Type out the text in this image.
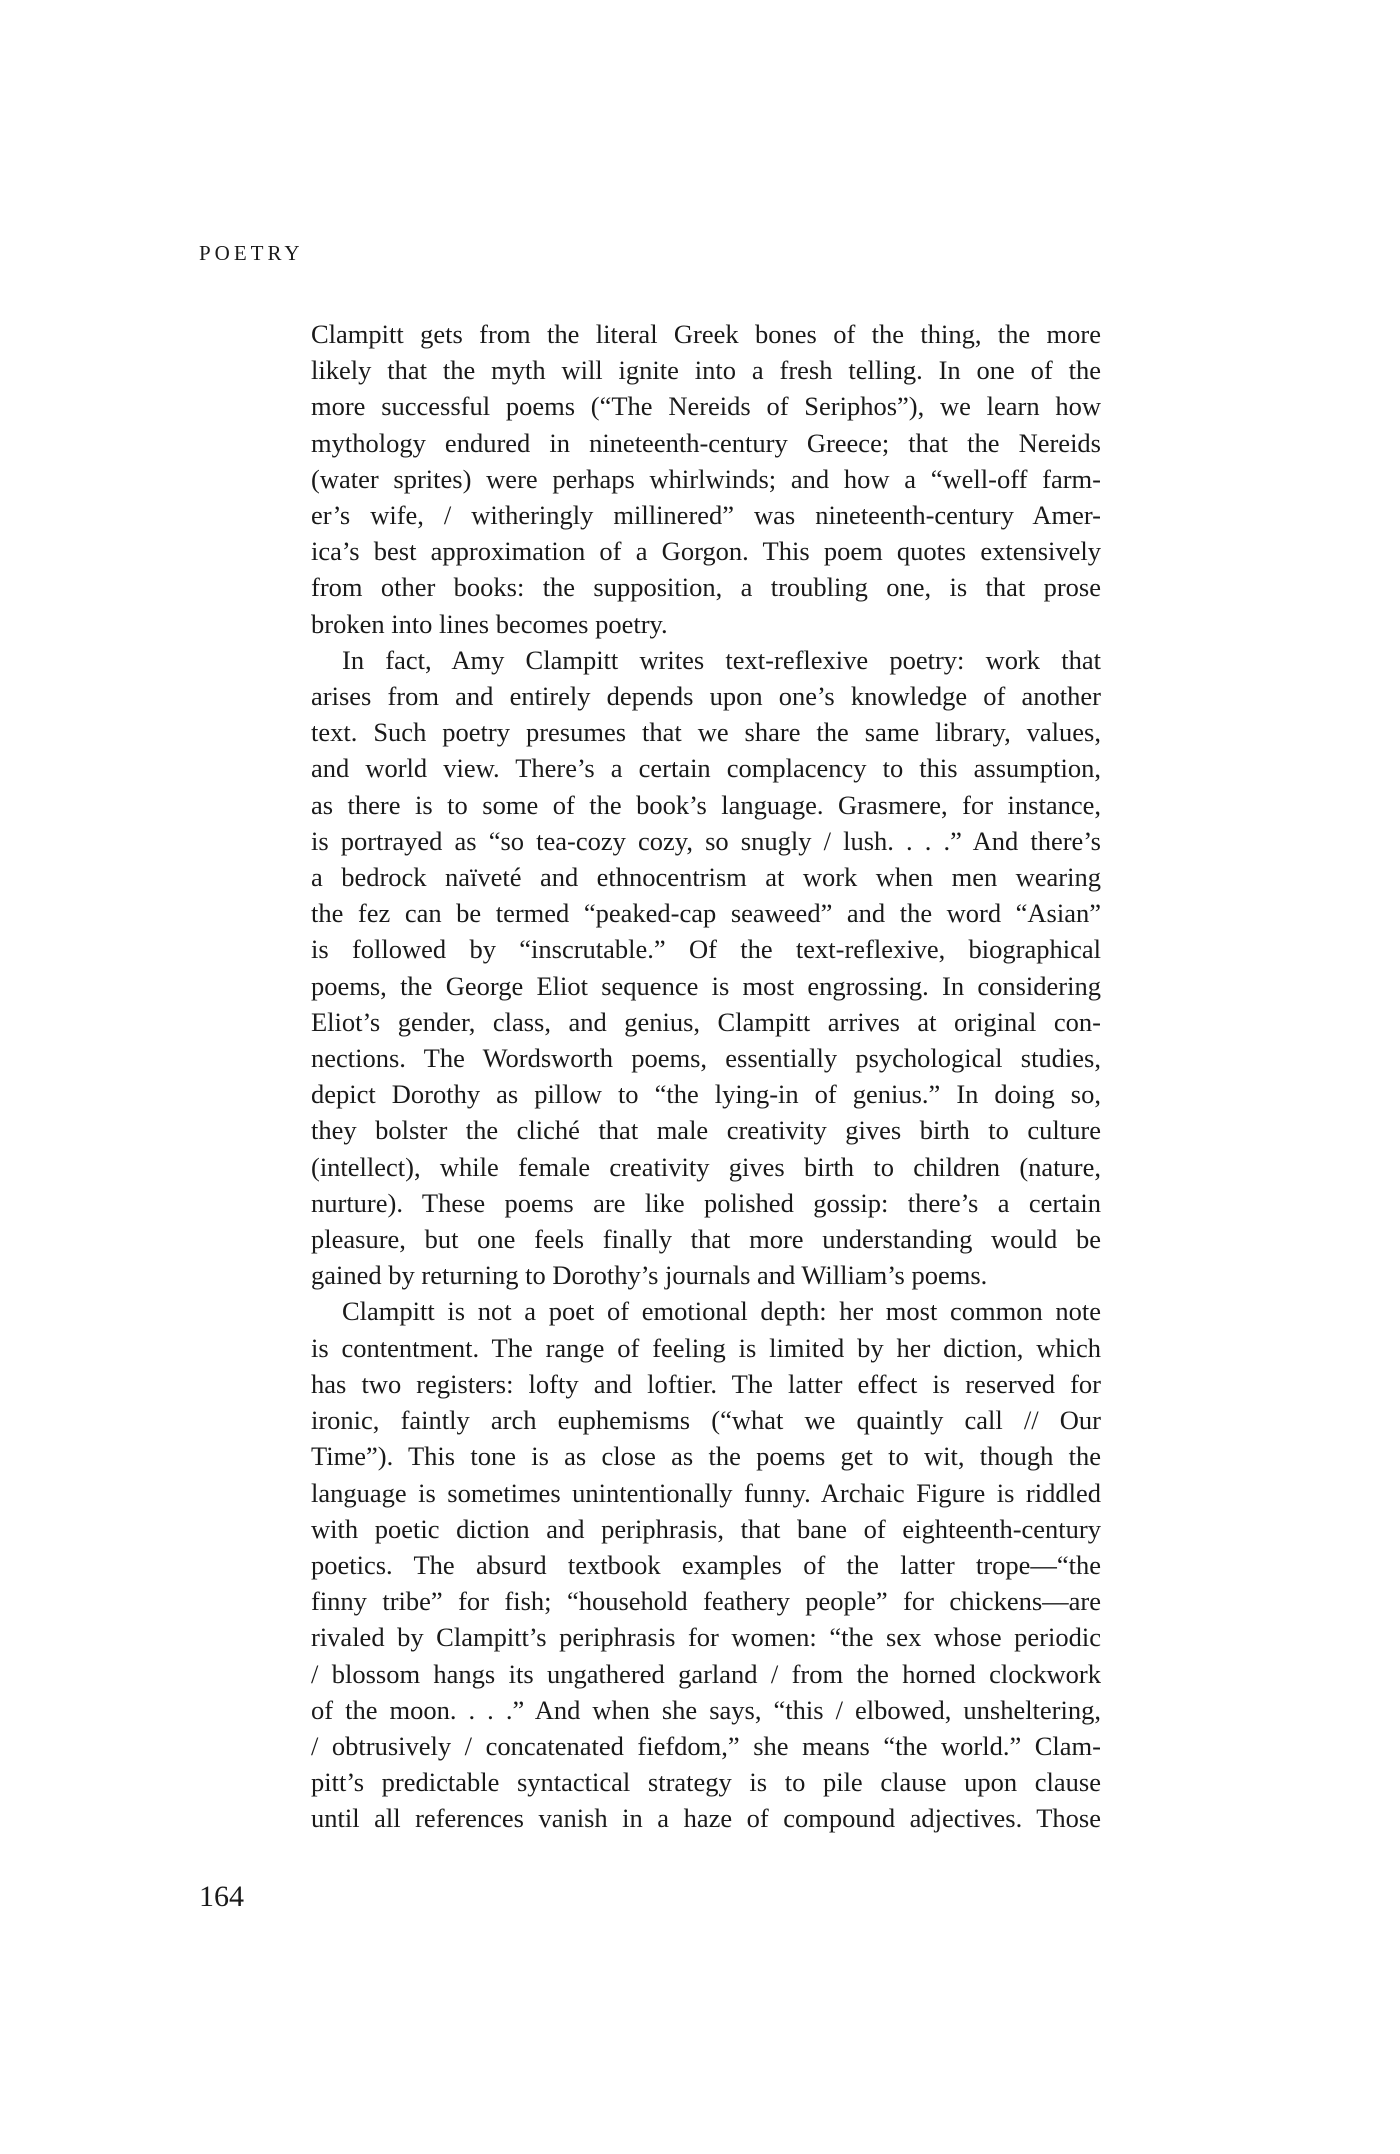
POETRY

Clampitt gets from the literal Greek bones of the thing, the more
likely that the myth will ignite into a fresh telling. In one of the
more successful poems (“The Nereids of Seriphos”), we learn how
mythology endured in nineteenth-century Greece; that the Nereids
(water sprites) were perhaps whirlwinds; and how a “well-off farm-
er’s wife, / witheringly millinered” was nineteenth-century Amer-
ica’s best approximation of a Gorgon. This poem quotes extensively
from other books: the supposition, a troubling one, is that prose
broken into lines becomes poetry.

In fact, Amy Clampitt writes text-reflexive poetry: work that
arises from and entirely depends upon one’s knowledge of another
text. Such poetry presumes that we share the same library, values,
and world view. There’s a certain complacency to this assumption,
as there is to some of the book’s language. Grasmere, for instance,
is portrayed as “so tea-cozy cozy, so snugly / lush. . . .” And there’s
a bedrock naïveté and ethnocentrism at work when men wearing
the fez can be termed “peaked-cap seaweed” and the word “Asian”
is followed by “inscrutable.” Of the text-reflexive, biographical
poems, the George Eliot sequence is most engrossing. In considering
Eliot’s gender, class, and genius, Clampitt arrives at original con-
nections. The Wordsworth poems, essentially psychological studies,
depict Dorothy as pillow to “the lying-in of genius.” In doing so,
they bolster the cliché that male creativity gives birth to culture
(intellect), while female creativity gives birth to children (nature,
nurture). These poems are like polished gossip: there’s a certain
pleasure, but one feels finally that more understanding would be
gained by returning to Dorothy’s journals and William’s poems.

Clampitt is not a poet of emotional depth: her most common note
is contentment. The range of feeling is limited by her diction, which
has two registers: lofty and loftier. The latter effect is reserved for
ironic, faintly arch euphemisms (“what we quaintly call // Our
Time”). This tone is as close as the poems get to wit, though the
language is sometimes unintentionally funny. Archaic Figure is riddled
with poetic diction and periphrasis, that bane of eighteenth-century
poetics. The absurd textbook examples of the latter trope—“the
finny tribe” for fish; “household feathery people” for chickens—are
rivaled by Clampitt’s periphrasis for women: “the sex whose periodic
/ blossom hangs its ungathered garland / from the horned clockwork
of the moon. . . .” And when she says, “this / elbowed, unsheltering,
/ obtrusively / concatenated fiefdom,” she means “the world.” Clam-
pitt’s predictable syntactical strategy is to pile clause upon clause
until all references vanish in a haze of compound adjectives. Those

164
